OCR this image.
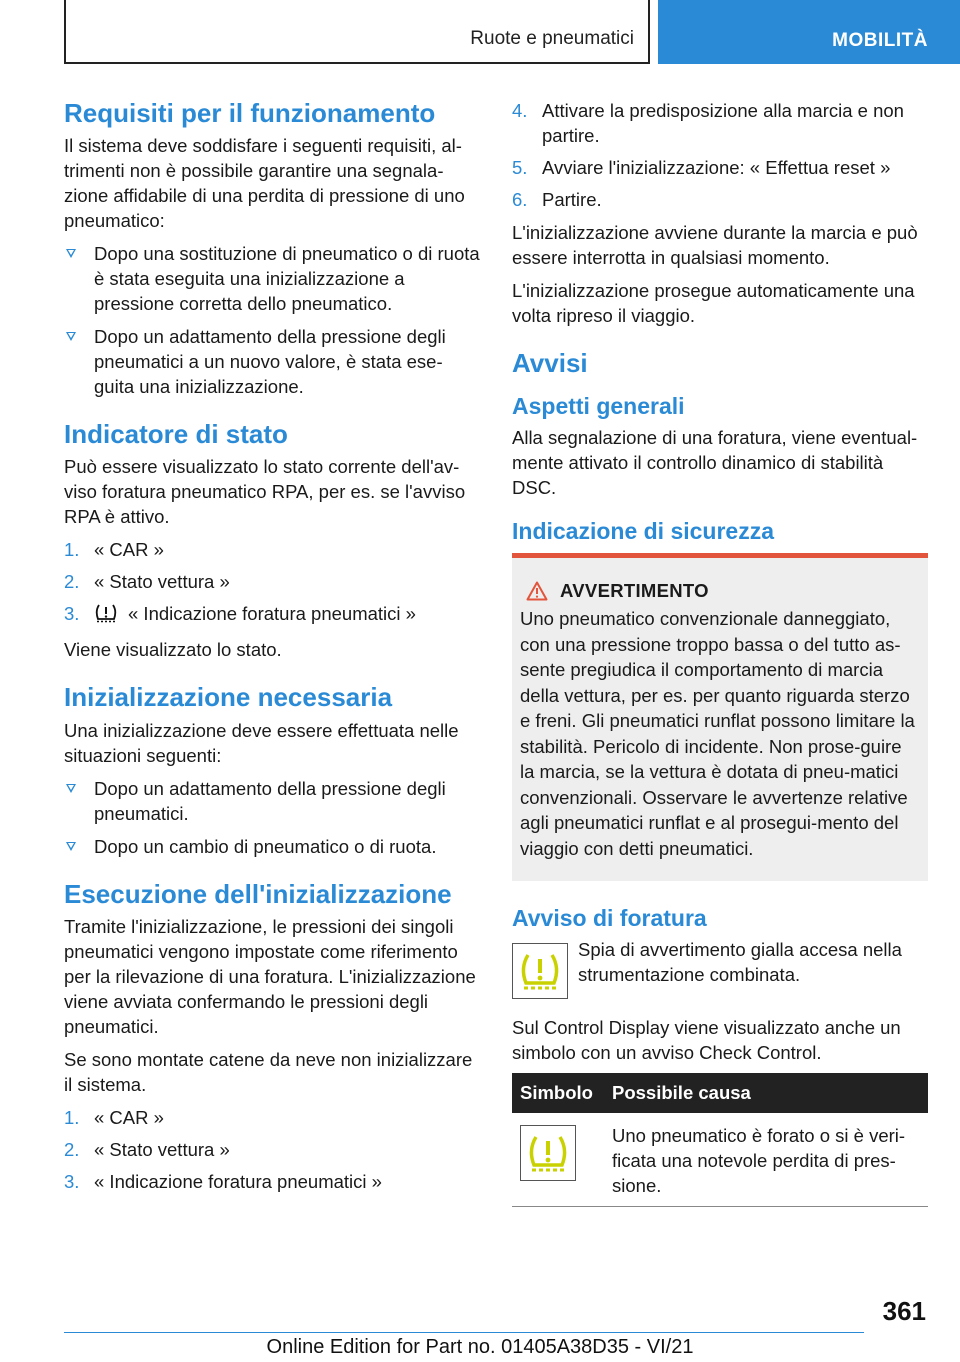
Ruote e pneumatici	MOBILITÀ
Requisiti per il funzionamento
Il sistema deve soddisfare i seguenti requisiti, al-trimenti non è possibile garantire una segnala-zione affidabile di una perdita di pressione di uno pneumatico:
Dopo una sostituzione di pneumatico o di ruota è stata eseguita una inizializzazione a pressione corretta dello pneumatico.
Dopo un adattamento della pressione degli pneumatici a un nuovo valore, è stata ese-guita una inizializzazione.
Indicatore di stato
Può essere visualizzato lo stato corrente dell'av-viso foratura pneumatico RPA, per es. se l'avviso RPA è attivo.
1. « CAR »
2. « Stato vettura »
3.	« Indicazione foratura pneumatici »
Viene visualizzato lo stato.
Inizializzazione necessaria
Una inizializzazione deve essere effettuata nelle situazioni seguenti:
Dopo un adattamento della pressione degli pneumatici.
Dopo un cambio di pneumatico o di ruota.
Esecuzione dell'inizializzazione
Tramite l'inizializzazione, le pressioni dei singoli pneumatici vengono impostate come riferimento per la rilevazione di una foratura. L'inizializzazione viene avviata confermando le pressioni degli pneumatici.
Se sono montate catene da neve non inizializzare il sistema.
1. « CAR »
2. « Stato vettura »
3. « Indicazione foratura pneumatici »
4. Attivare la predisposizione alla marcia e non partire.
5. Avviare l'inizializzazione: « Effettua reset »
6. Partire.
L'inizializzazione avviene durante la marcia e può essere interrotta in qualsiasi momento.
L'inizializzazione prosegue automaticamente una volta ripreso il viaggio.
Avvisi
Aspetti generali
Alla segnalazione di una foratura, viene eventual-mente attivato il controllo dinamico di stabilità DSC.
Indicazione di sicurezza
AVVERTIMENTO
Uno pneumatico convenzionale danneggiato, con una pressione troppo bassa o del tutto as-sente pregiudica il comportamento di marcia della vettura, per es. per quanto riguarda sterzo e freni. Gli pneumatici runflat possono limitare la stabilità. Pericolo di incidente. Non prose-guire la marcia, se la vettura è dotata di pneu-matici convenzionali. Osservare le avvertenze relative agli pneumatici runflat e al prosegui-mento del viaggio con detti pneumatici.
Avviso di foratura
Spia di avvertimento gialla accesa nella strumentazione combinata.
Sul Control Display viene visualizzato anche un simbolo con un avviso Check Control.
Simbolo	Possibile causa

	Uno pneumatico è forato o si è veri-ficata una notevole perdita di pres-sione.
361
Online Edition for Part no. 01405A38D35 - VI/21
